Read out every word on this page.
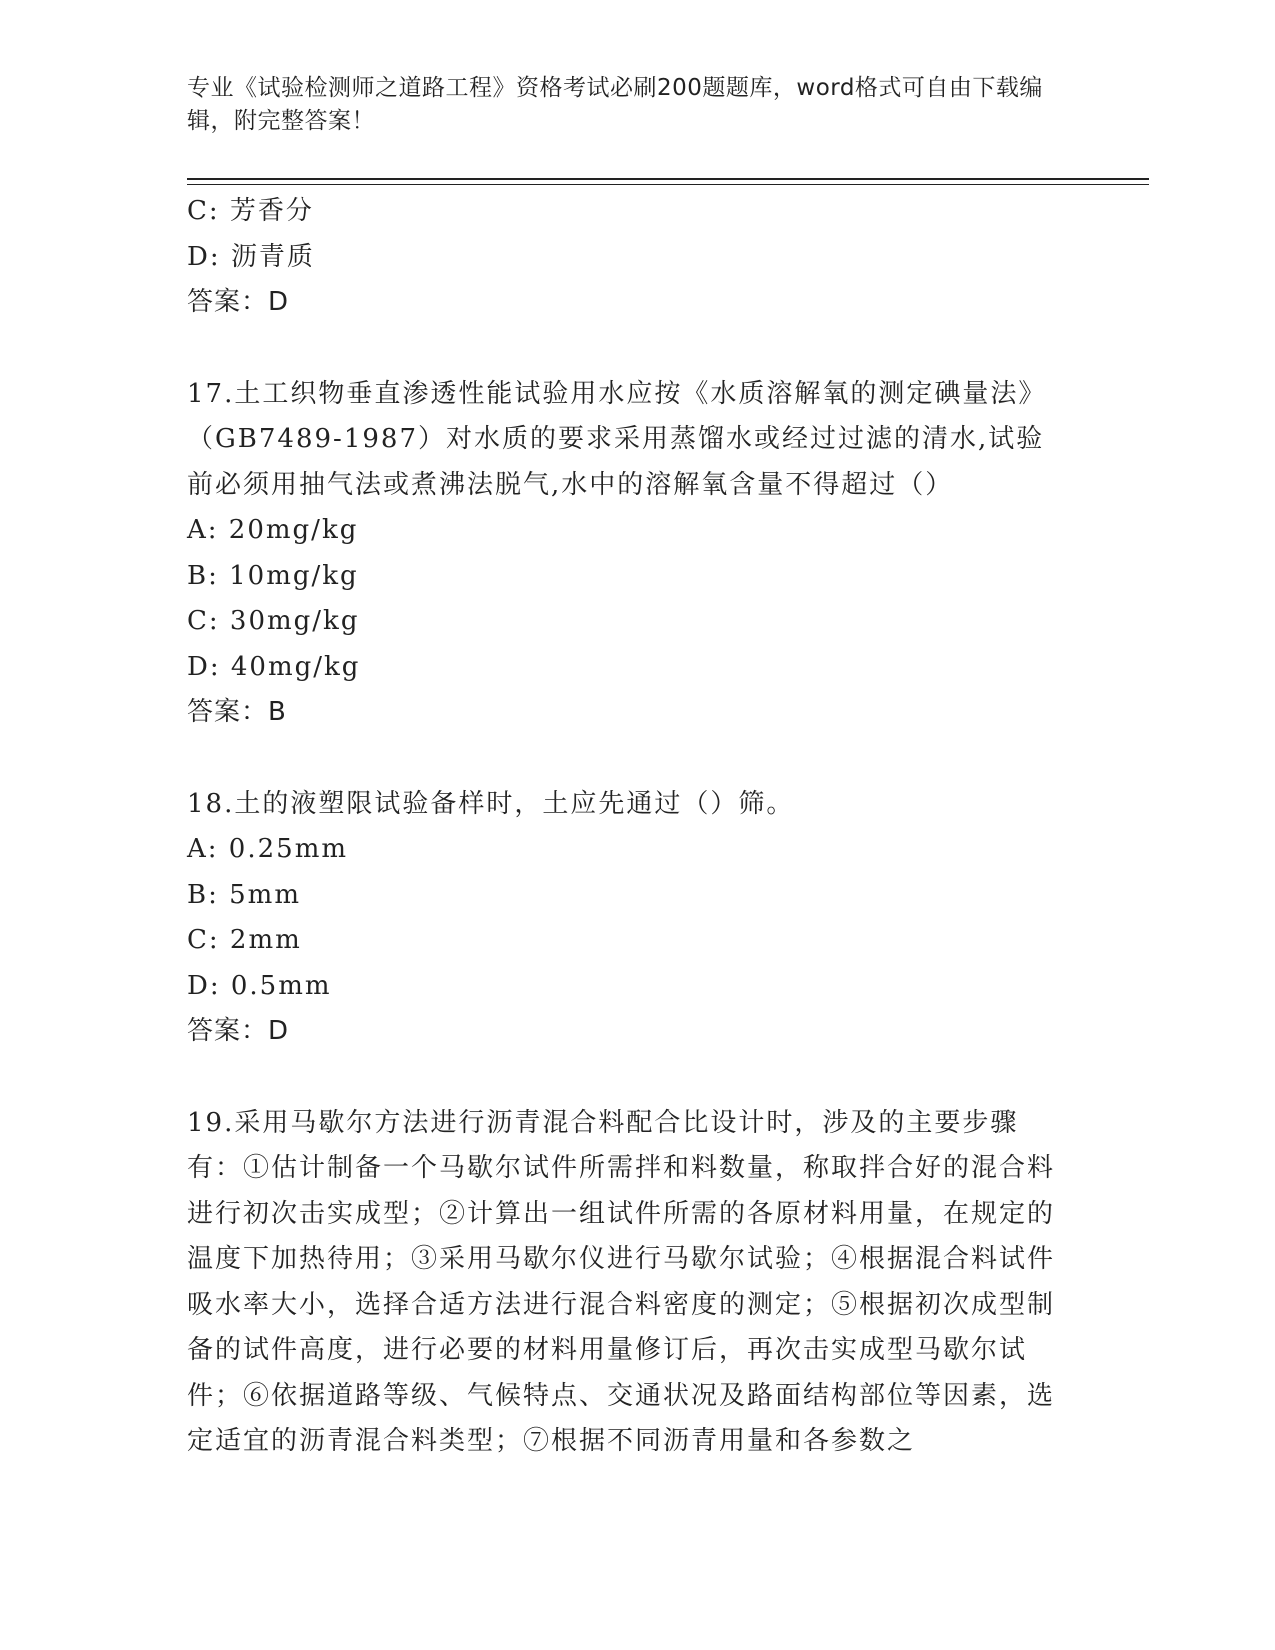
专业《试验检测师之道路工程》资格考试必刷200题题库，word格式可自由下载编辑，附完整答案！
C: 芳香分
D: 沥青质
答案：D
17.土工织物垂直渗透性能试验用水应按《水质溶解氧的测定碘量法》（GB7489-1987）对水质的要求采用蒸馏水或经过过滤的清水,试验前必须用抽气法或煮沸法脱气,水中的溶解氧含量不得超过（）
A: 20mg/kg
B: 10mg/kg
C: 30mg/kg
D: 40mg/kg
答案：B
18.土的液塑限试验备样时，土应先通过（）筛。
A: 0.25mm
B: 5mm
C: 2mm
D: 0.5mm
答案：D
19.采用马歇尔方法进行沥青混合料配合比设计时，涉及的主要步骤有：①估计制备一个马歇尔试件所需拌和料数量，称取拌合好的混合料进行初次击实成型；②计算出一组试件所需的各原材料用量，在规定的温度下加热待用；③采用马歇尔仪进行马歇尔试验；④根据混合料试件吸水率大小，选择合适方法进行混合料密度的测定；⑤根据初次成型制备的试件高度，进行必要的材料用量修订后，再次击实成型马歇尔试件；⑥依据道路等级、气候特点、交通状况及路面结构部位等因素，选定适宜的沥青混合料类型；⑦根据不同沥青用量和各参数之
